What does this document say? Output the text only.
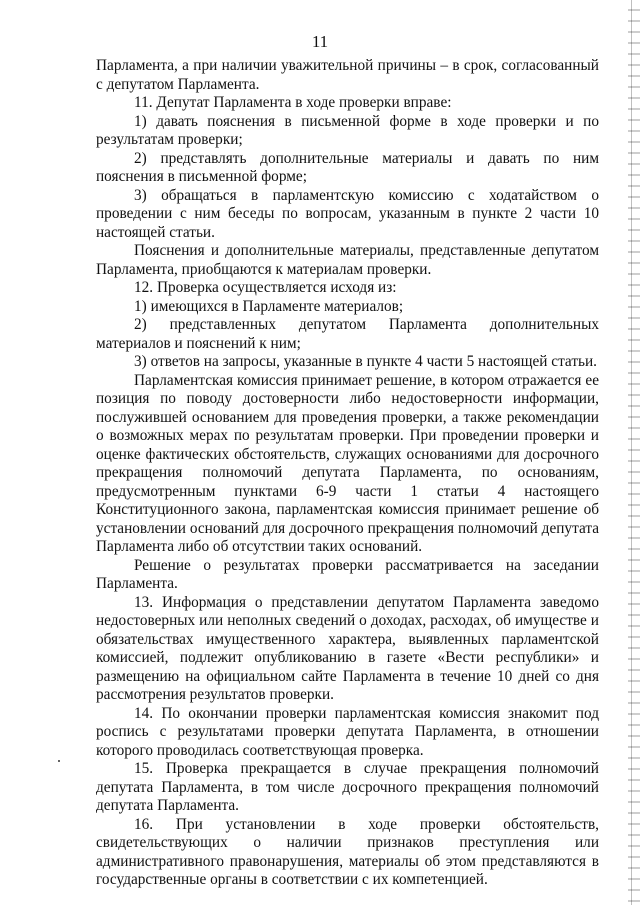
11

Парламента, а при наличии уважительной причины – в срок, согласованный с депутатом Парламента.

11. Депутат Парламента в ходе проверки вправе:

1) давать пояснения в письменной форме в ходе проверки и по результатам проверки;

2) представлять дополнительные материалы и давать по ним пояснения в письменной форме;

3) обращаться в парламентскую комиссию с ходатайством о проведении с ним беседы по вопросам, указанным в пункте 2 части 10 настоящей статьи.

Пояснения и дополнительные материалы, представленные депутатом Парламента, приобщаются к материалам проверки.

12. Проверка осуществляется исходя из:

1) имеющихся в Парламенте материалов;

2) представленных депутатом Парламента дополнительных материалов и пояснений к ним;

3) ответов на запросы, указанные в пункте 4 части 5 настоящей статьи.

Парламентская комиссия принимает решение, в котором отражается ее позиция по поводу достоверности либо недостоверности информации, послужившей основанием для проведения проверки, а также рекомендации о возможных мерах по результатам проверки. При проведении проверки и оценке фактических обстоятельств, служащих основаниями для досрочного прекращения полномочий депутата Парламента, по основаниям, предусмотренным пунктами 6-9 части 1 статьи 4 настоящего Конституционного закона, парламентская комиссия принимает решение об установлении оснований для досрочного прекращения полномочий депутата Парламента либо об отсутствии таких оснований.

Решение о результатах проверки рассматривается на заседании Парламента.

13. Информация о представлении депутатом Парламента заведомо недостоверных или неполных сведений о доходах, расходах, об имуществе и обязательствах имущественного характера, выявленных парламентской комиссией, подлежит опубликованию в газете «Вести республики» и размещению на официальном сайте Парламента в течение 10 дней со дня рассмотрения результатов проверки.

14. По окончании проверки парламентская комиссия знакомит под роспись с результатами проверки депутата Парламента, в отношении которого проводилась соответствующая проверка.

15. Проверка прекращается в случае прекращения полномочий депутата Парламента, в том числе досрочного прекращения полномочий депутата Парламента.

16. При установлении в ходе проверки обстоятельств, свидетельствующих о наличии признаков преступления или административного правонарушения, материалы об этом представляются в государственные органы в соответствии с их компетенцией.
